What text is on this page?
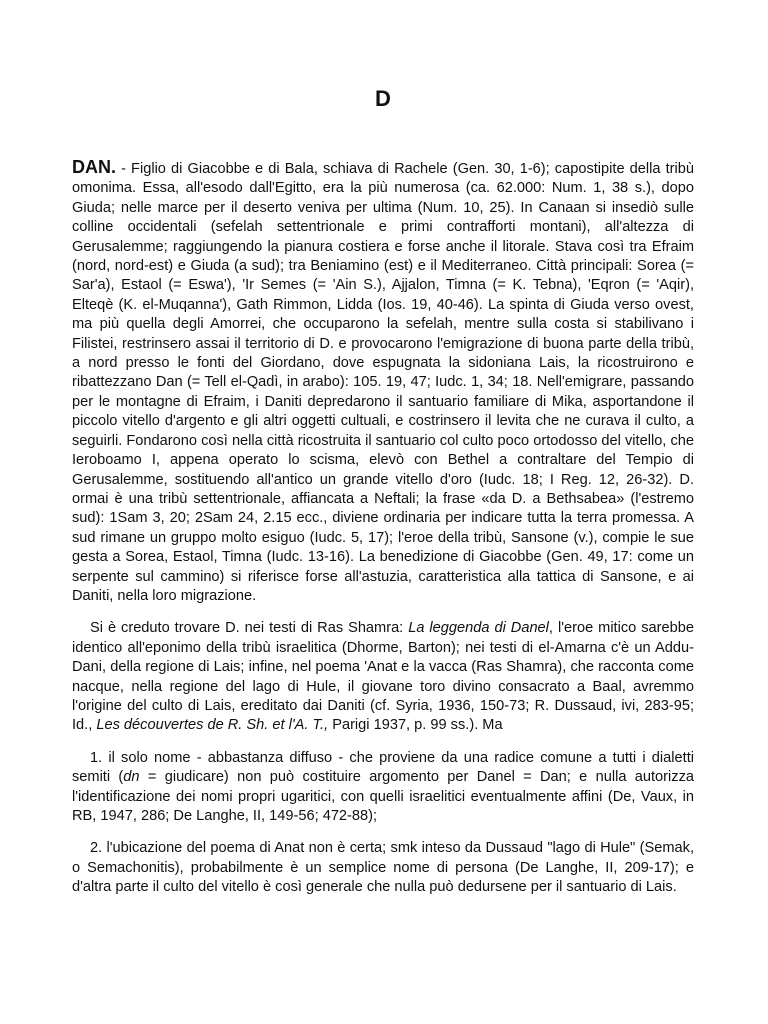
D

DAN. - Figlio di Giacobbe e di Bala, schiava di Rachele (Gen. 30, 1-6); capostipite della tribù omonima. Essa, all'esodo dall'Egitto, era la più numerosa (ca. 62.000: Num. 1, 38 s.), dopo Giuda; nelle marce per il deserto veniva per ultima (Num. 10, 25). In Canaan si insediò sulle colline occidentali (sefelah settentrionale e primi contrafforti montani), all'altezza di Gerusalemme; raggiungendo la pianura costiera e forse anche il litorale. Stava così tra Efraim (nord, nord-est) e Giuda (a sud); tra Beniamino (est) e il Mediterraneo. Città principali: Sorea (= Sar'a), Estaol (= Eswa'), 'Ir Semes (= 'Ain S.), Ajjalon, Timna (= K. Tebna), 'Eqron (= 'Aqir), Elteqè (K. el-Muqanna'), Gath Rimmon, Lidda (Ios. 19, 40-46). La spinta di Giuda verso ovest, ma più quella degli Amorrei, che occuparono la sefelah, mentre sulla costa si stabilivano i Filistei, restrinsero assai il territorio di D. e provocarono l'emigrazione di buona parte della tribù, a nord presso le fonti del Giordano, dove espugnata la sidoniana Lais, la ricostruirono e ribattezzano Dan (= Tell el-Qadì, in arabo): 105. 19, 47; Iudc. 1, 34; 18. Nell'emigrare, passando per le montagne di Efraim, i Daniti depredarono il santuario familiare di Mika, asportandone il piccolo vitello d'argento e gli altri oggetti cultuali, e costrinsero il levita che ne curava il culto, a seguirli. Fondarono così nella città ricostruita il santuario col culto poco ortodosso del vitello, che Ieroboamo I, appena operato lo scisma, elevò con Bethel a contraltare del Tempio di Gerusalemme, sostituendo all'antico un grande vitello d'oro (Iudc. 18; I Reg. 12, 26-32). D. ormai è una tribù settentrionale, affiancata a Neftali; la frase «da D. a Bethsabea» (l'estremo sud): 1Sam 3, 20; 2Sam 24, 2.15 ecc., diviene ordinaria per indicare tutta la terra promessa. A sud rimane un gruppo molto esiguo (Iudc. 5, 17); l'eroe della tribù, Sansone (v.), compie le sue gesta a Sorea, Estaol, Timna (Iudc. 13-16). La benedizione di Giacobbe (Gen. 49, 17: come un serpente sul cammino) si riferisce forse all'astuzia, caratteristica alla tattica di Sansone, e ai Daniti, nella loro migrazione.

Si è creduto trovare D. nei testi di Ras Shamra: La leggenda di Danel, l'eroe mitico sarebbe identico all'eponimo della tribù israelitica (Dhorme, Barton); nei testi di el-Amarna c'è un Addu-Dani, della regione di Lais; infine, nel poema 'Anat e la vacca (Ras Shamra), che racconta come nacque, nella regione del lago di Hule, il giovane toro divino consacrato a Baal, avremmo l'origine del culto di Lais, ereditato dai Daniti (cf. Syria, 1936, 150-73; R. Dussaud, ivi, 283-95; Id., Les découvertes de R. Sh. et l'A. T., Parigi 1937, p. 99 ss.). Ma

1. il solo nome - abbastanza diffuso - che proviene da una radice comune a tutti i dialetti semiti (dn = giudicare) non può costituire argomento per Danel = Dan; e nulla autorizza l'identificazione dei nomi propri ugaritici, con quelli israelitici eventualmente affini (De, Vaux, in RB, 1947, 286; De Langhe, II, 149-56; 472-88);

2. l'ubicazione del poema di Anat non è certa; smk inteso da Dussaud "lago di Hule" (Semak, o Semachonitis), probabilmente è un semplice nome di persona (De Langhe, II, 209-17); e d'altra parte il culto del vitello è così generale che nulla può dedursene per il santuario di Lais.
